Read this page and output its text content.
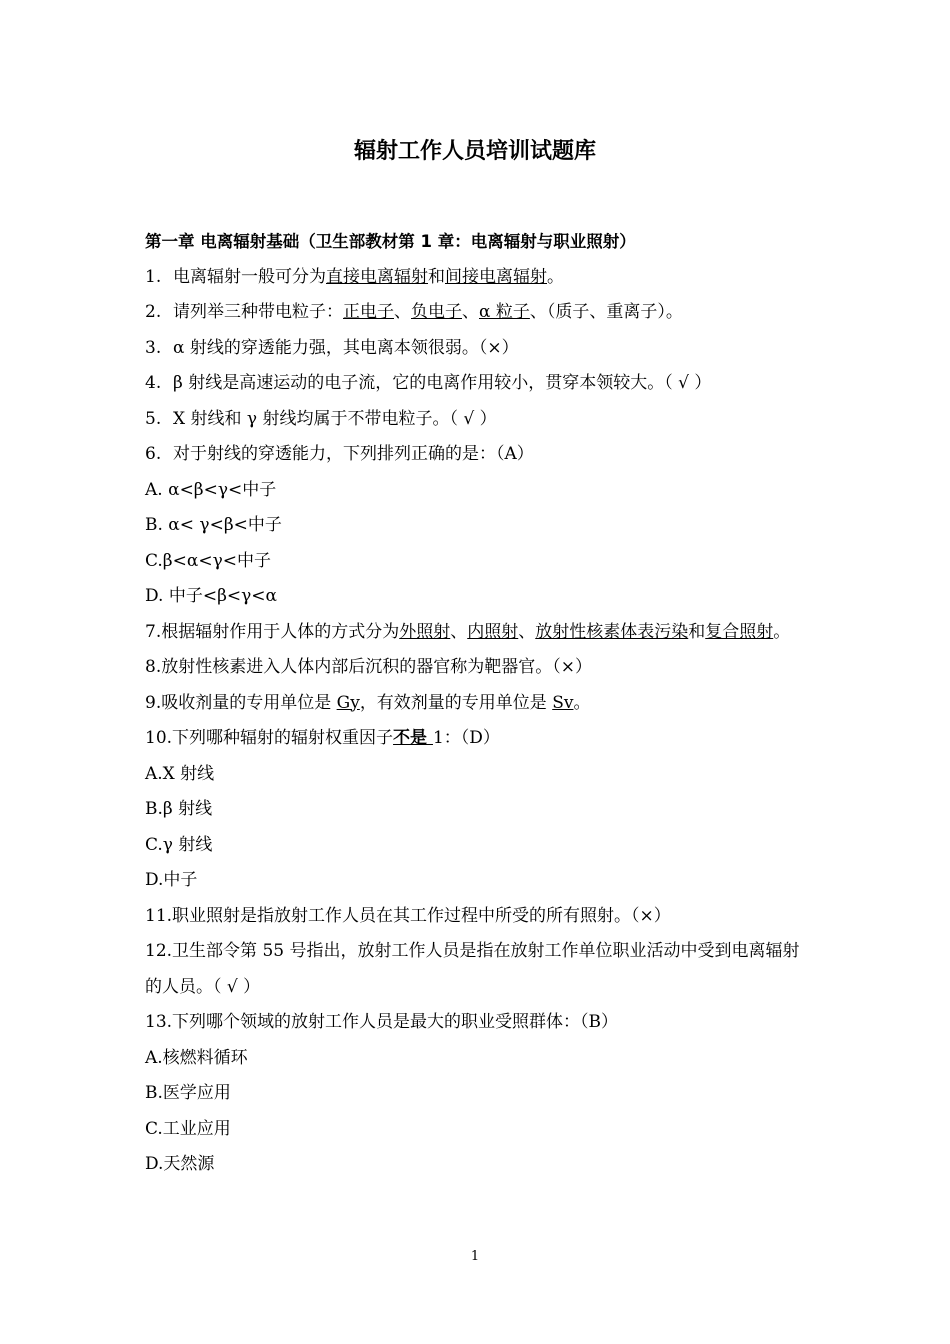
辐射工作人员培训试题库
第一章 电离辐射基础（卫生部教材第 1 章：电离辐射与职业照射）
1. 电离辐射一般可分为直接电离辐射和间接电离辐射。
2. 请列举三种带电粒子：正电子、负电子、α 粒子、（质子、重离子）。
3. α 射线的穿透能力强，其电离本领很弱。（×）
4. β 射线是高速运动的电子流，它的电离作用较小，贯穿本领较大。（ √ ）
5. X 射线和 γ 射线均属于不带电粒子。（ √ ）
6. 对于射线的穿透能力，下列排列正确的是：（A）
A. α<β<γ<中子
B. α< γ<β<中子
C.β<α<γ<中子
D. 中子<β<γ<α
7.根据辐射作用于人体的方式分为外照射、内照射、放射性核素体表污染和复合照射。
8.放射性核素进入人体内部后沉积的器官称为靶器官。（×）
9.吸收剂量的专用单位是 Gy，有效剂量的专用单位是 Sv。
10.下列哪种辐射的辐射权重因子不是 1：（D）
A.X 射线
B.β 射线
C.γ 射线
D.中子
11.职业照射是指放射工作人员在其工作过程中所受的所有照射。（×）
12.卫生部令第 55 号指出，放射工作人员是指在放射工作单位职业活动中受到电离辐射的人员。（ √ ）
13.下列哪个领域的放射工作人员是最大的职业受照群体：（B）
A.核燃料循环
B.医学应用
C.工业应用
D.天然源
1
